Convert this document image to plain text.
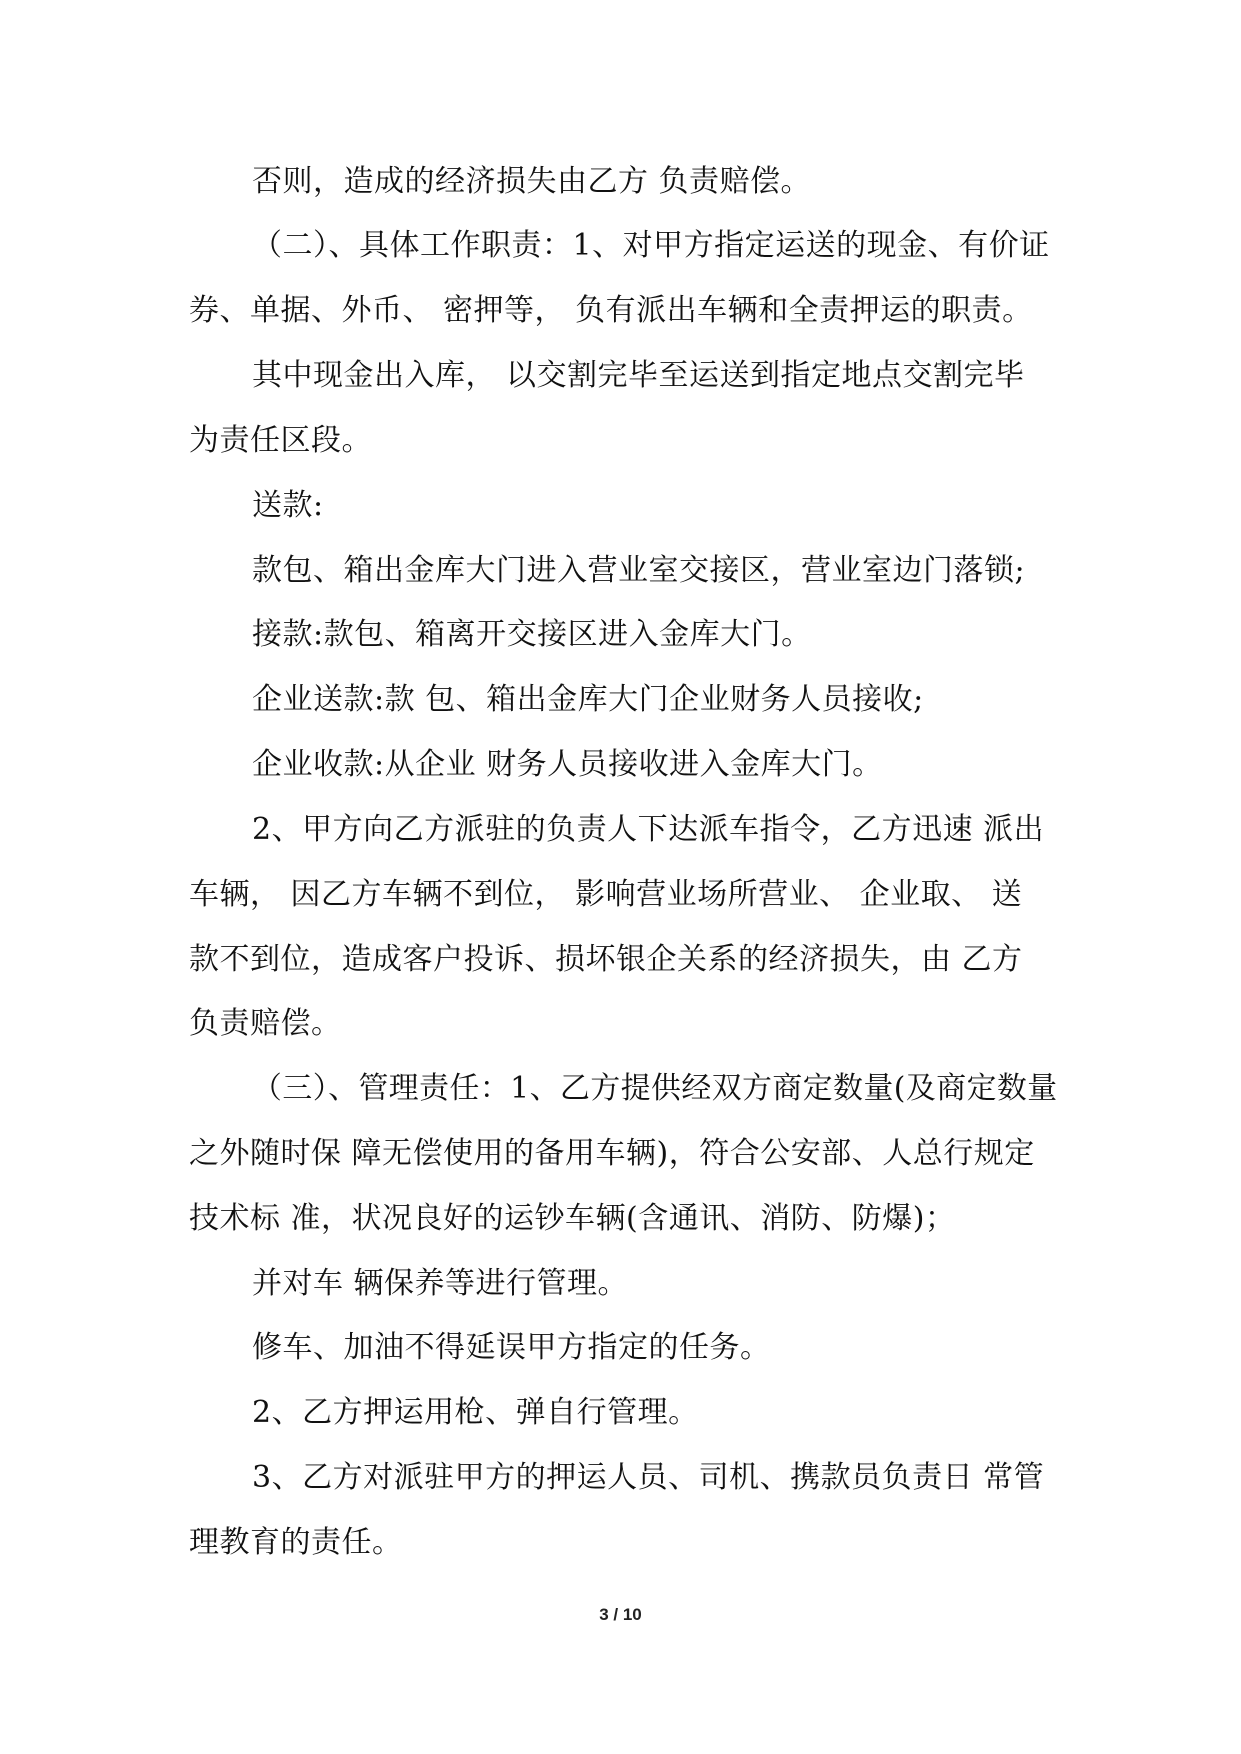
否则，造成的经济损失由乙方 负责赔偿。
（二）、具体工作职责：1、对甲方指定运送的现金、有价证
券、单据、外币、 密押等， 负有派出车辆和全责押运的职责。
其中现金出入库， 以交割完毕至运送到指定地点交割完毕
为责任区段。
送款:
款包、箱出金库大门进入营业室交接区，营业室边门落锁;
接款:款包、箱离开交接区进入金库大门。
企业送款:款 包、箱出金库大门企业财务人员接收;
企业收款:从企业 财务人员接收进入金库大门。
2、甲方向乙方派驻的负责人下达派车指令，乙方迅速 派出
车辆， 因乙方车辆不到位， 影响营业场所营业、 企业取、 送
款不到位，造成客户投诉、损坏银企关系的经济损失，由 乙方
负责赔偿。
（三）、管理责任：1、乙方提供经双方商定数量(及商定数量
之外随时保 障无偿使用的备用车辆)，符合公安部、人总行规定
技术标 准，状况良好的运钞车辆(含通讯、消防、防爆)；
并对车 辆保养等进行管理。
修车、加油不得延误甲方指定的任务。
2、乙方押运用枪、弹自行管理。
3、乙方对派驻甲方的押运人员、司机、携款员负责日 常管
理教育的责任。
3 / 10
